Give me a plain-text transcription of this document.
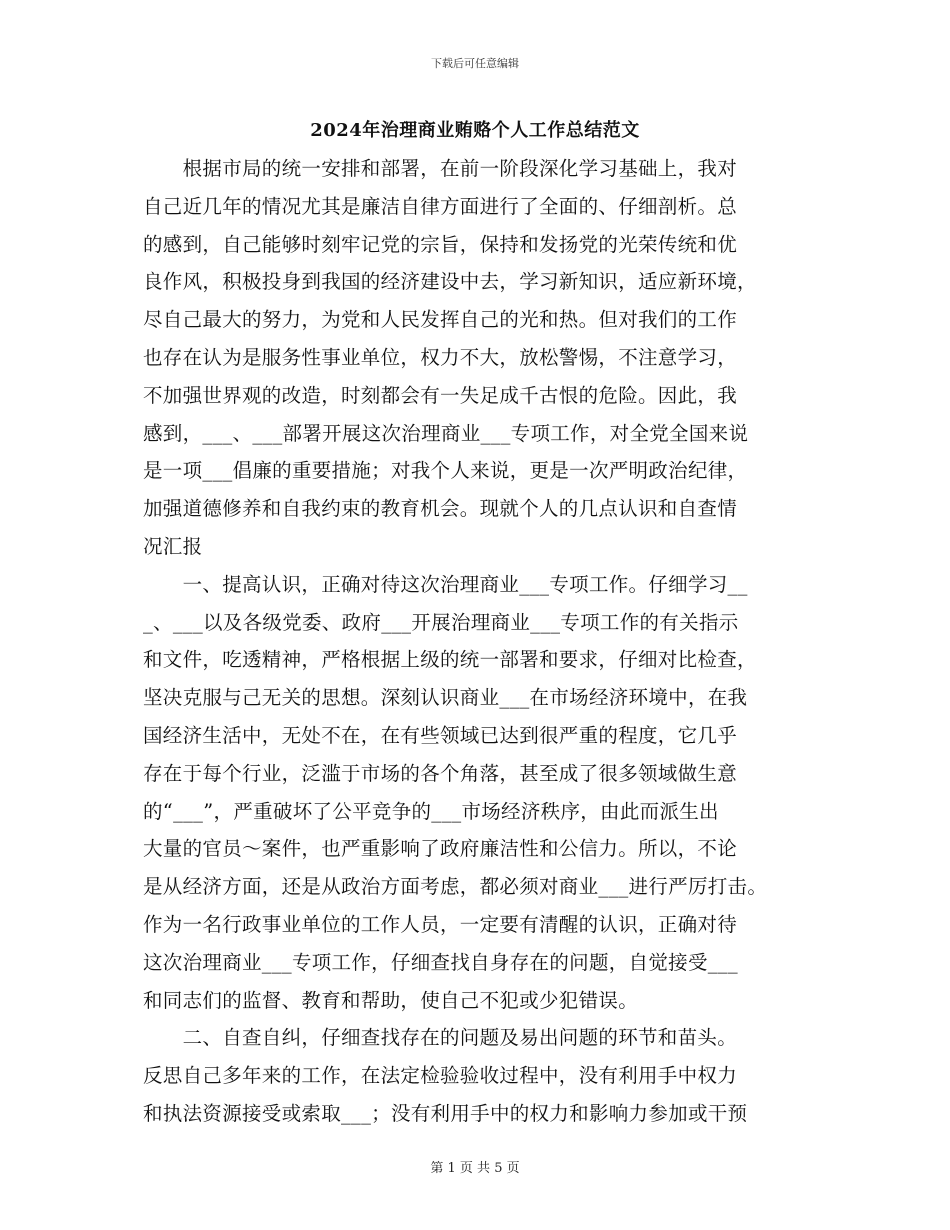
下载后可任意编辑
2024年治理商业贿赂个人工作总结范文
　　根据市局的统一安排和部署，在前一阶段深化学习基础上，我对
自己近几年的情况尤其是廉洁自律方面进行了全面的、仔细剖析。总
的感到，自己能够时刻牢记党的宗旨，保持和发扬党的光荣传统和优
良作风，积极投身到我国的经济建设中去，学习新知识，适应新环境，
尽自己最大的努力，为党和人民发挥自己的光和热。但对我们的工作
也存在认为是服务性事业单位，权力不大，放松警惕，不注意学习，
不加强世界观的改造，时刻都会有一失足成千古恨的危险。因此，我
感到，___、___部署开展这次治理商业___专项工作，对全党全国来说
是一项___倡廉的重要措施；对我个人来说，更是一次严明政治纪律，
加强道德修养和自我约束的教育机会。现就个人的几点认识和自查情
况汇报
　　一、提高认识，正确对待这次治理商业___专项工作。仔细学习__
_、___以及各级党委、政府___开展治理商业___专项工作的有关指示
和文件，吃透精神，严格根据上级的统一部署和要求，仔细对比检查，
坚决克服与己无关的思想。深刻认识商业___在市场经济环境中，在我
国经济生活中，无处不在，在有些领域已达到很严重的程度，它几乎
存在于每个行业，泛滥于市场的各个角落，甚至成了很多领域做生意
的“___”，严重破坏了公平竞争的___市场经济秩序，由此而派生出
大量的官员～案件，也严重影响了政府廉洁性和公信力。所以，不论
是从经济方面，还是从政治方面考虑，都必须对商业___进行严厉打击。
作为一名行政事业单位的工作人员，一定要有清醒的认识，正确对待
这次治理商业___专项工作，仔细查找自身存在的问题，自觉接受___
和同志们的监督、教育和帮助，使自己不犯或少犯错误。
　　二、自查自纠，仔细查找存在的问题及易出问题的环节和苗头。
反思自己多年来的工作，在法定检验验收过程中，没有利用手中权力
和执法资源接受或索取___；没有利用手中的权力和影响力参加或干预
第 1 页 共 5 页
